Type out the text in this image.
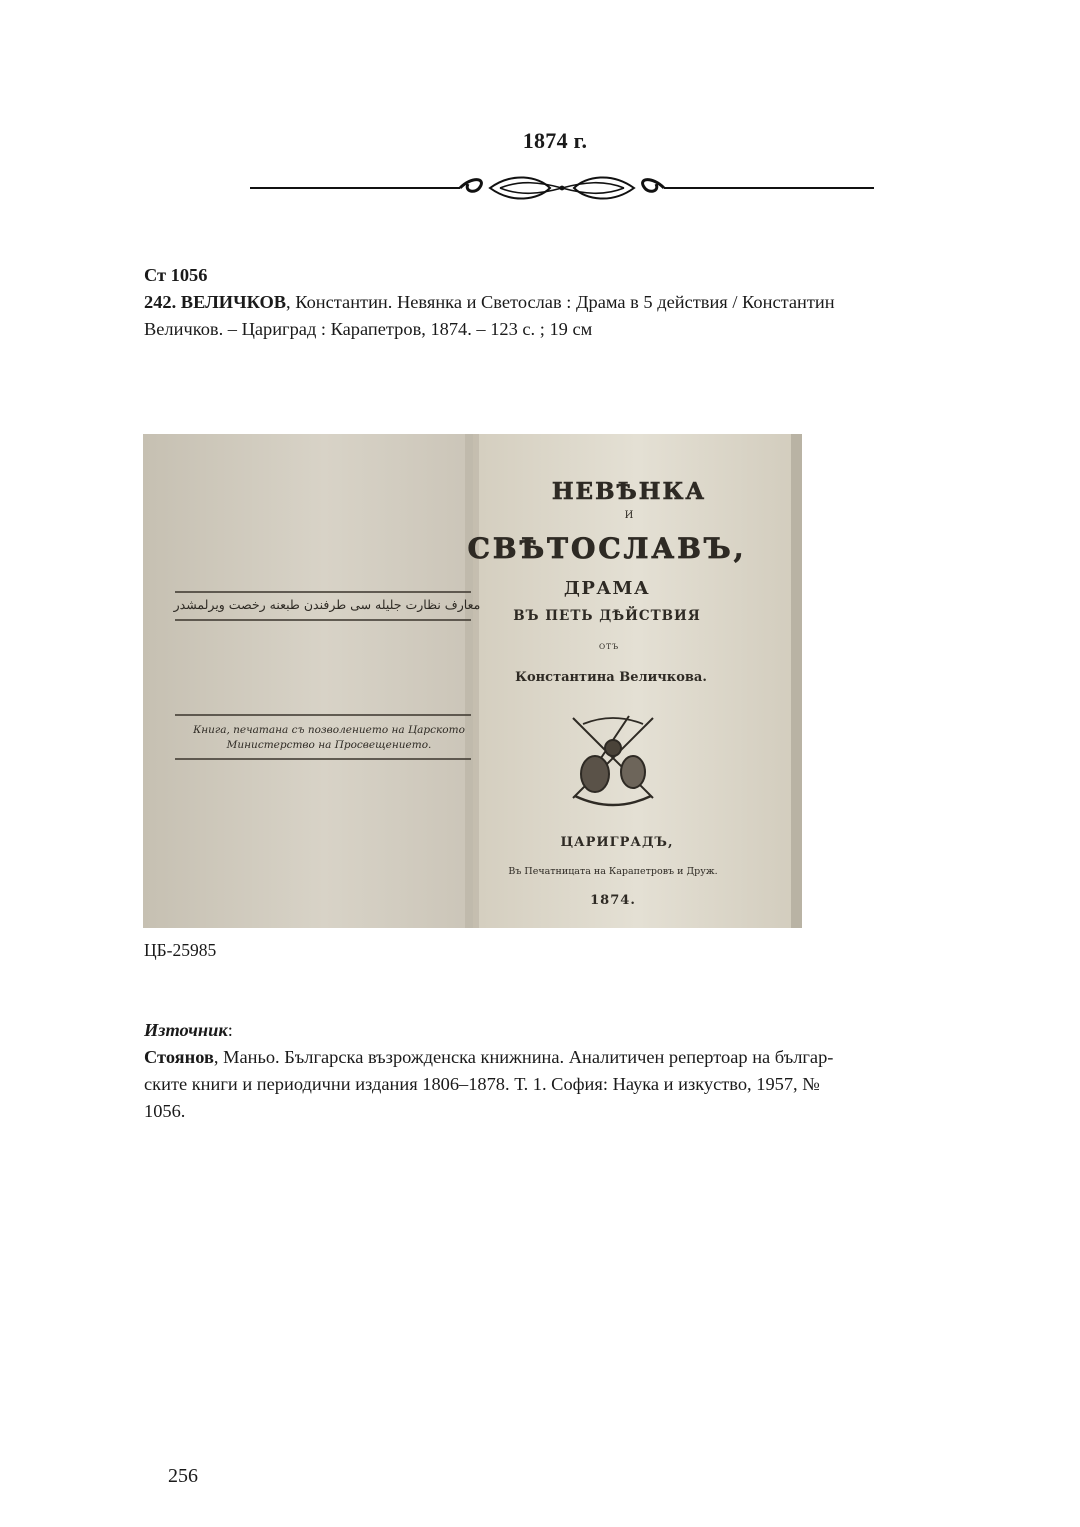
1874 г.
Ст 1056
242. ВЕЛИЧКОВ, Константин. Невянка и Светослав : Драма в 5 действия / Константин
Величков. – Цариград : Карапетров, 1874. – 123 с. ; 19 см
معارف نظارت جليله سى طرفندن طبعنه رخصت ويرلمشدر
Книга, печатана съ позволението на Царското
Министерство на Просвещението.
НЕВѢНКА
И
СВѢТОСЛАВЪ,
ДРАМА
ВЪ ПЕТЬ ДѢЙСТВИЯ
ОТЪ
Константина Величкова.
ЦАРИГРАДЪ,
Въ Печатницата на Карапетровъ и Друж.
1874.
ЦБ-25985
Източник:
Стоянов, Маньо. Българска възрожденска книжнина. Аналитичен репертоар на българ-
ските книги и периодични издания 1806–1878. Т. 1. София: Наука и изкуство, 1957, №
1056.
256
